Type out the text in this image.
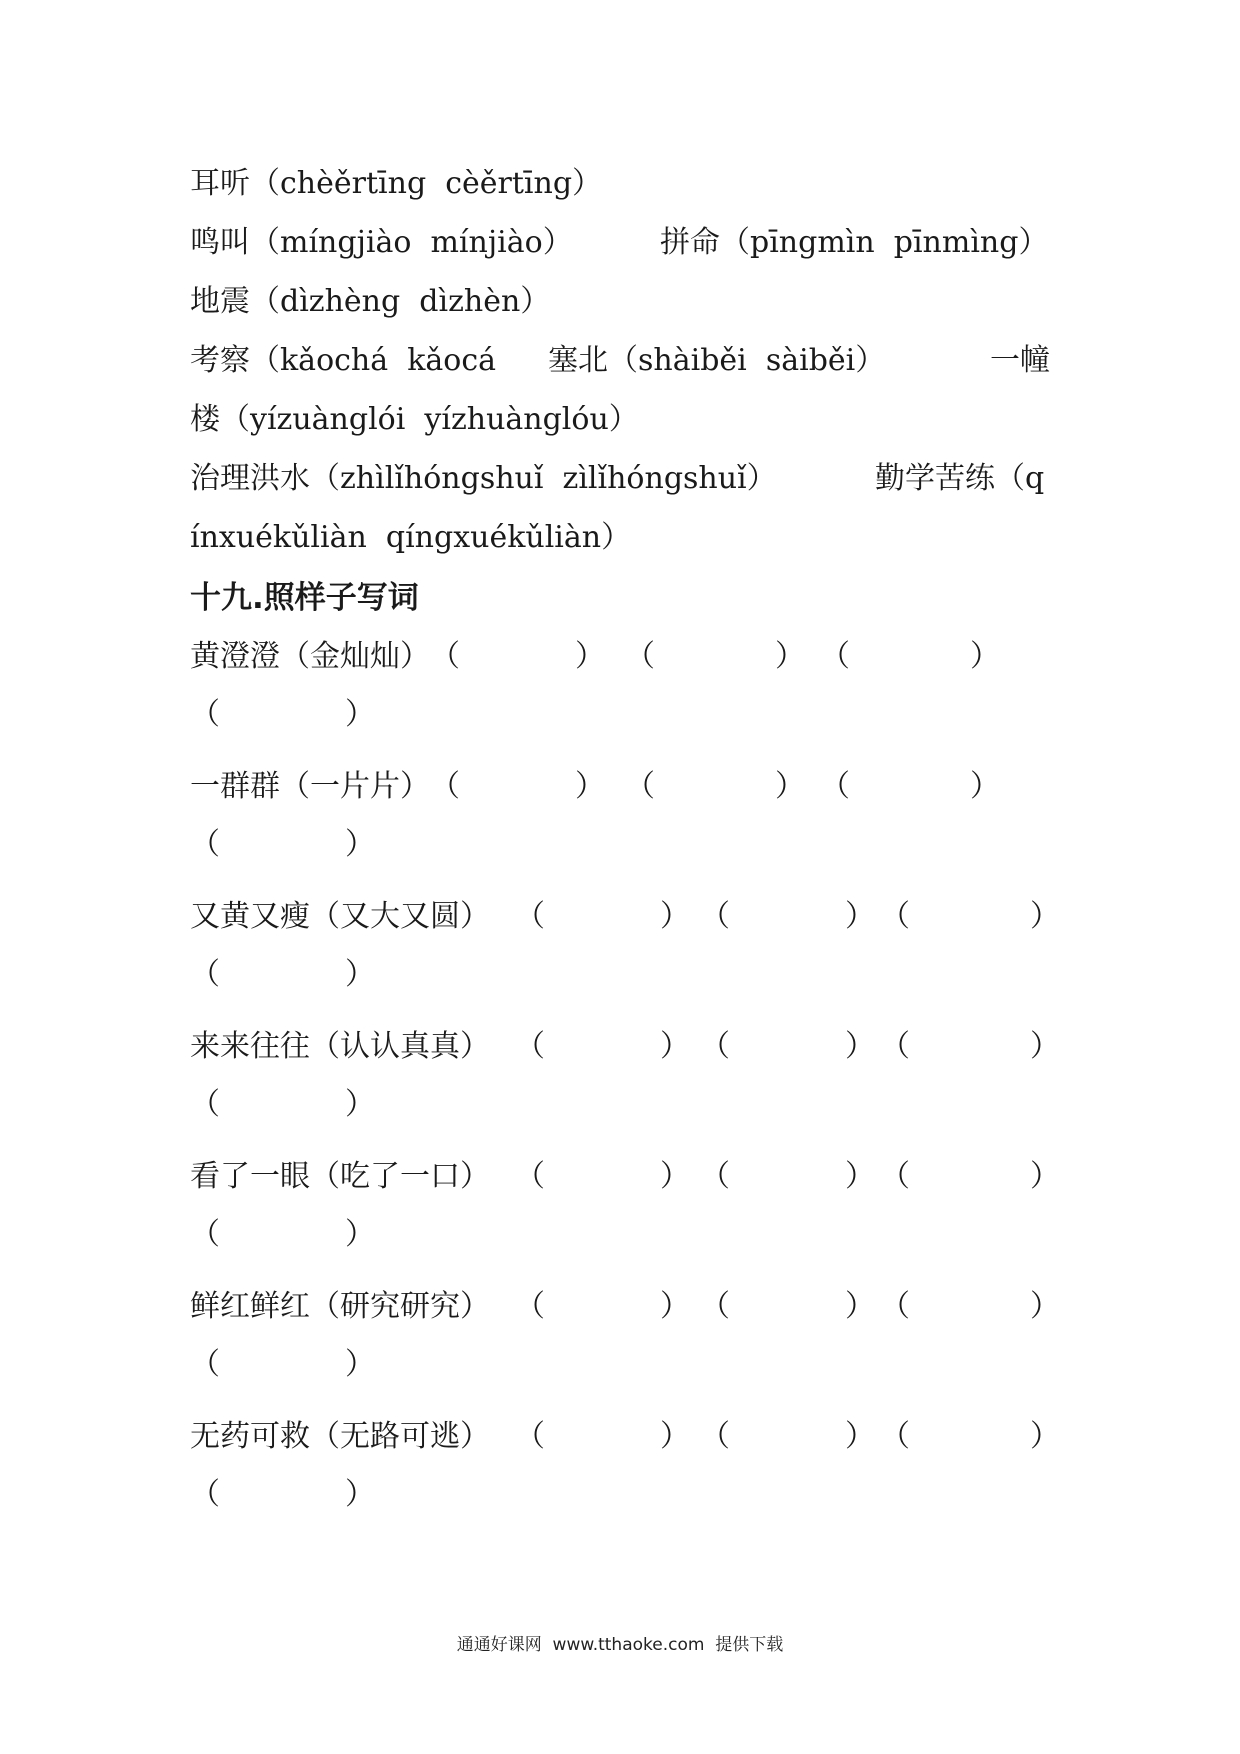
耳听（chèěrtīng  cèěrtīng）

鸣叫（míngjiào  mínjiào）

	拼命（pīngmìn  pīnmìng）

地震（dìzhèng  dìzhèn）

考察（kǎochá  kǎocá

塞北（shàiběi  sàiběi）

	一幢

楼（yízuànglói  yízhuànglóu）

治理洪水（zhìlǐhóngshuǐ  zìlǐhóngshuǐ）

	勤学苦练（q

ínxuékǔliàn  qíngxuékǔliàn）

十九.照样子写词
黄澄澄（金灿灿） （	） （	） （	）
（	）
一群群（一片片） （	） （	） （	）
（	）
又黄又瘦（又大又圆） （	） （	） （	）
（	）
来来往往（认认真真） （	） （	） （	）
（	）
看了一眼（吃了一口） （	） （	） （	）
（	）
鲜红鲜红（研究研究） （	） （	） （	）
（	）
无药可救（无路可逃） （	） （	） （	）
（	）
通通好课网  www.tthaoke.com  提供下载
